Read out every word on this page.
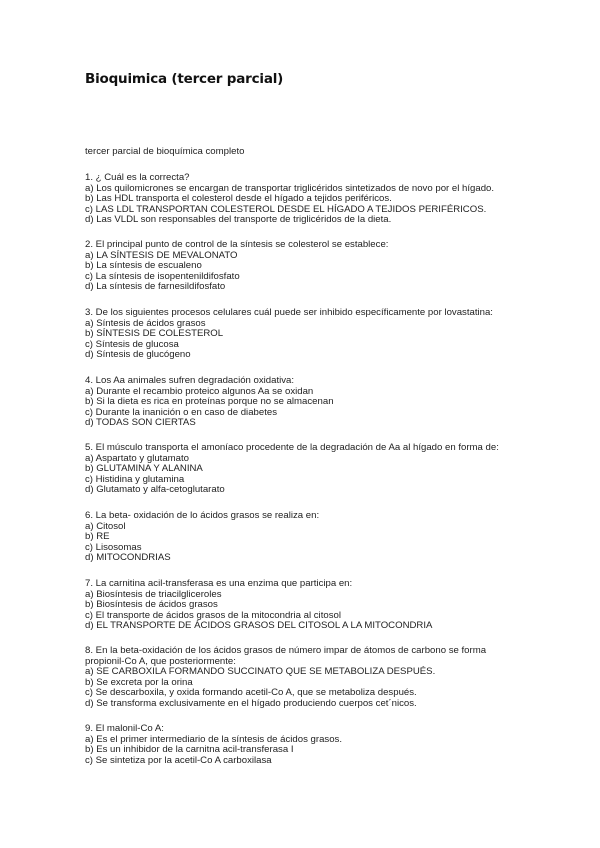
Bioquimica (tercer parcial)
tercer parcial de bioquímica completo
1. ¿ Cuál es la correcta?
a) Los quilomicrones se encargan de transportar triglicéridos sintetizados de novo por el hígado.
b) Las HDL transporta el colesterol desde el hígado a tejidos periféricos.
c) LAS LDL TRANSPORTAN COLESTEROL DESDE EL HÍGADO A TEJIDOS PERIFÉRICOS.
d) Las VLDL son responsables del transporte de triglicéridos de la dieta.
2. El principal punto de control de la síntesis se colesterol se establece:
a) LA SÍNTESIS DE MEVALONATO
b) La síntesis de escualeno
c) La síntesis de isopentenildifosfato
d) La síntesis de farnesildifosfato
3. De los siguientes procesos celulares cuál puede ser inhibido específicamente por lovastatina:
a) Síntesis de ácidos grasos
b) SÍNTESIS DE COLESTEROL
c) Síntesis de glucosa
d) Síntesis de glucógeno
4. Los Aa animales sufren degradación oxidativa:
a) Durante el recambio proteico algunos Aa se oxidan
b) Si la dieta es rica en proteínas porque no se almacenan
c) Durante la inanición o en caso de diabetes
d) TODAS SON CIERTAS
5. El músculo transporta el amoníaco procedente de la degradación de Aa al hígado en forma de:
a) Aspartato y glutamato
b) GLUTAMINA Y ALANINA
c) Histidina y glutamina
d) Glutamato y alfa-cetoglutarato
6. La beta- oxidación de lo ácidos grasos se realiza en:
a) Citosol
b) RE
c) Lisosomas
d) MITOCONDRIAS
7. La carnitina acil-transferasa es una enzima que participa en:
a) Biosíntesis de triacilgliceroles
b) Biosíntesis de ácidos grasos
c) El transporte de ácidos grasos de la mitocondria al citosol
d) EL TRANSPORTE DE ÁCIDOS GRASOS DEL CITOSOL A LA MITOCONDRIA
8. En la beta-oxidación de los ácidos grasos de número impar de átomos de carbono se forma
propionil-Co A, que posteriormente:
a) SE CARBOXILA FORMANDO SUCCINATO QUE SE METABOLIZA DESPUÉS.
b) Se excreta por la orina
c) Se descarboxila, y oxida formando acetil-Co A, que se metaboliza después.
d) Se transforma exclusivamente en el hígado produciendo cuerpos cet´nicos.
9. El malonil-Co A:
a) Es el primer intermediario de la síntesis de ácidos grasos.
b) Es un inhibidor de la carnitna acil-transferasa I
c) Se sintetiza por la acetil-Co A carboxilasa
